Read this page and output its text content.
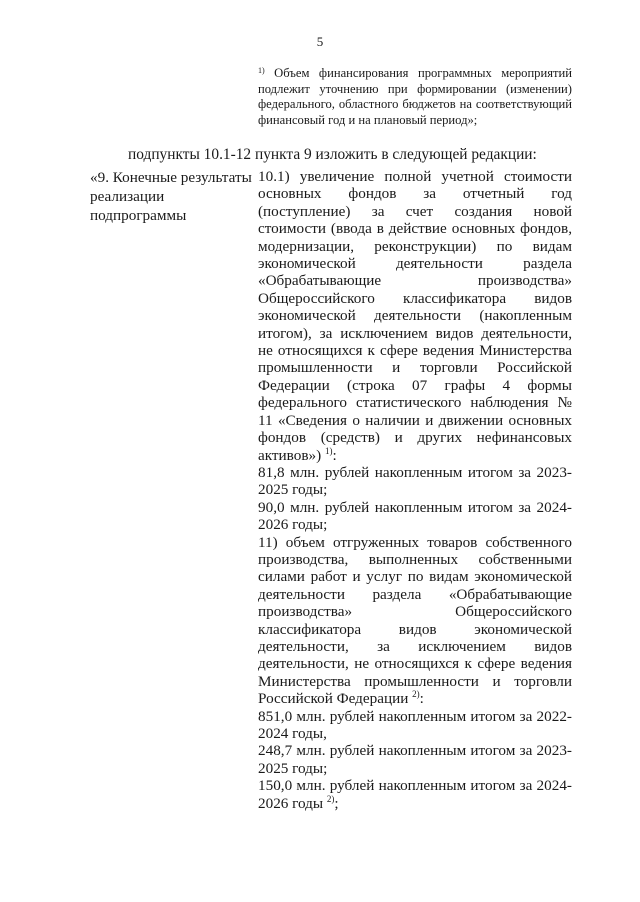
5
$^{1)}$ Объем финансирования программных мероприятий подлежит уточнению при формировании (изменении) федерального, областного бюджетов на соответствующий финансовый год и на плановый период»;
подпункты 10.1-12 пункта 9 изложить в следующей редакции:
«9. Конечные результаты реализации подпрограммы

10.1) увеличение полной учетной стоимости основных фондов за отчетный год (поступление) за счет создания новой стоимости (ввода в действие основных фондов, модернизации, реконструкции) по видам экономической деятельности раздела «Обрабатывающие производства» Общероссийского классификатора видов экономической деятельности (накопленным итогом), за исключением видов деятельности, не относящихся к сфере ведения Министерства промышленности и торговли Российской Федерации (строка 07 графы 4 формы федерального статистического наблюдения № 11 «Сведения о наличии и движении основных фондов (средств) и других нефинансовых активов») $^{1)}$:

81,8 млн. рублей накопленным итогом за 2023-2025 годы;

90,0 млн. рублей накопленным итогом за 2024-2026 годы;

11) объем отгруженных товаров собственного производства, выполненных собственными силами работ и услуг по видам экономической деятельности раздела «Обрабатывающие производства» Общероссийского классификатора видов экономической деятельности, за исключением видов деятельности, не относящихся к сфере ведения Министерства промышленности и торговли Российской Федерации $^{2)}$:

851,0 млн. рублей накопленным итогом за 2022-2024 годы,

248,7 млн. рублей накопленным итогом за 2023-2025 годы;

150,0 млн. рублей накопленным итогом за 2024-2026 годы $^{2)}$;
